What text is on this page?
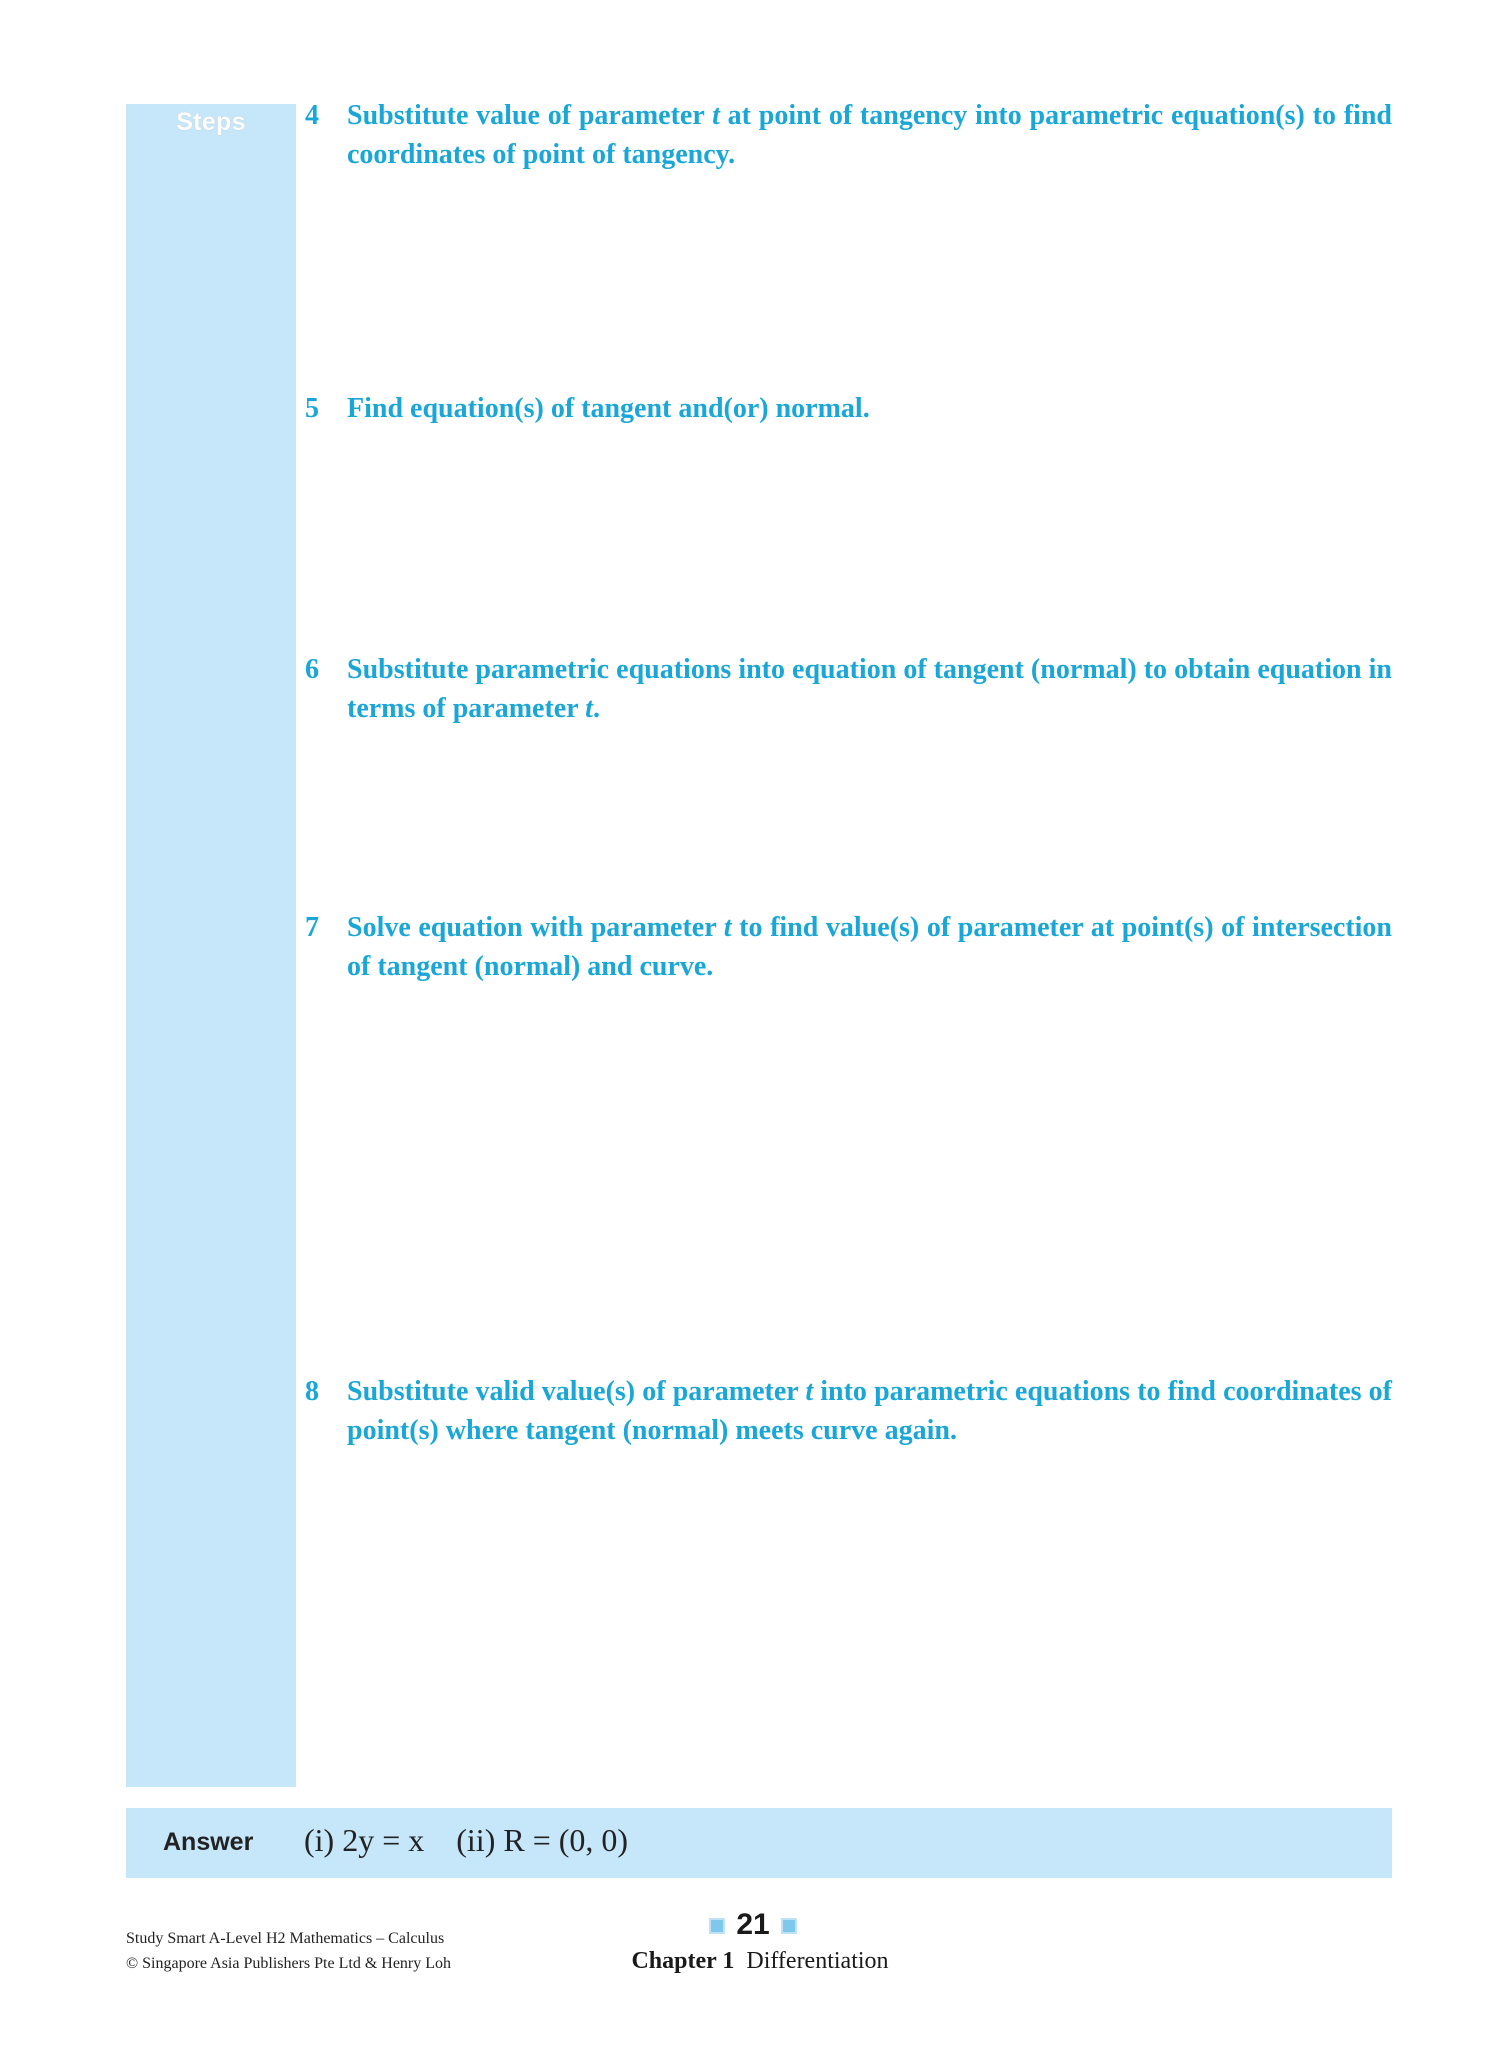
Steps	4	Substitute value of parameter t at point of tangency into parametric equation(s) to find coordinates of point of tangency.
5	Find equation(s) of tangent and(or) normal.
6	Substitute parametric equations into equation of tangent (normal) to obtain equation in terms of parameter t.
7	Solve equation with parameter t to find value(s) of parameter at point(s) of intersection of tangent (normal) and curve.
8	Substitute valid value(s) of parameter t into parametric equations to find coordinates of point(s) where tangent (normal) meets curve again.
Answer (i) 2y = x    (ii) R = (0, 0)
Study Smart A-Level H2 Mathematics – Calculus
© Singapore Asia Publishers Pte Ltd & Henry Loh
21
Chapter 1 Differentiation
